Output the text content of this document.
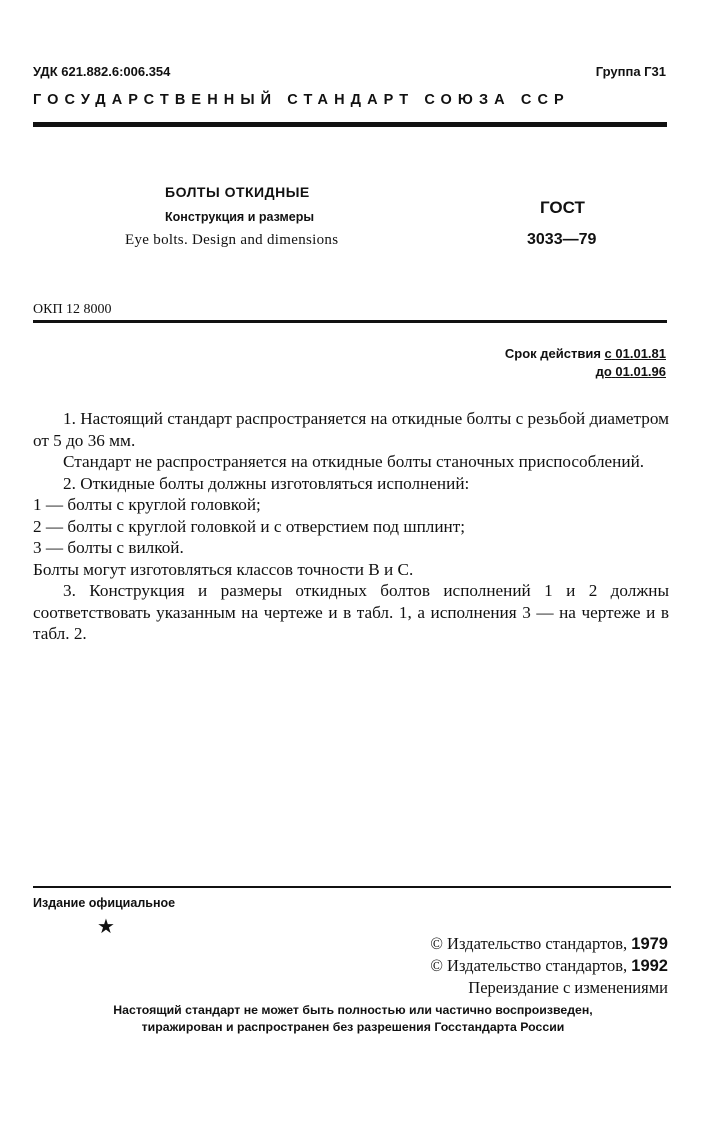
УДК 621.882.6:006.354	Группа Г31
ГОСУДАРСТВЕННЫЙ СТАНДАРТ СОЮЗА ССР
БОЛТЫ ОТКИДНЫЕ
Конструкция и размеры
Eye bolts. Design and dimensions
ГОСТ
3033—79
ОКП 12 8000
Срок действия с 01.01.81
до 01.01.96

1. Настоящий стандарт распространяется на откидные болты с резьбой диаметром от 5 до 36 мм.

Стандарт не распространяется на откидные болты станочных приспособлений.

2. Откидные болты должны изготовляться исполнений:

1 — болты с круглой головкой;

2 — болты с круглой головкой и с отверстием под шплинт;

3 — болты с вилкой.

Болты могут изготовляться классов точности В и С.

3. Конструкция и размеры откидных болтов исполнений 1 и 2 должны соответствовать указанным на чертеже и в табл. 1, а исполнения 3 — на чертеже и в табл. 2.

Издание официальное
★
© Издательство стандартов, 1979
© Издательство стандартов, 1992
Переиздание с изменениями
Настоящий стандарт не может быть полностью или частично воспроизведен,
тиражирован и распространен без разрешения Госстандарта России
